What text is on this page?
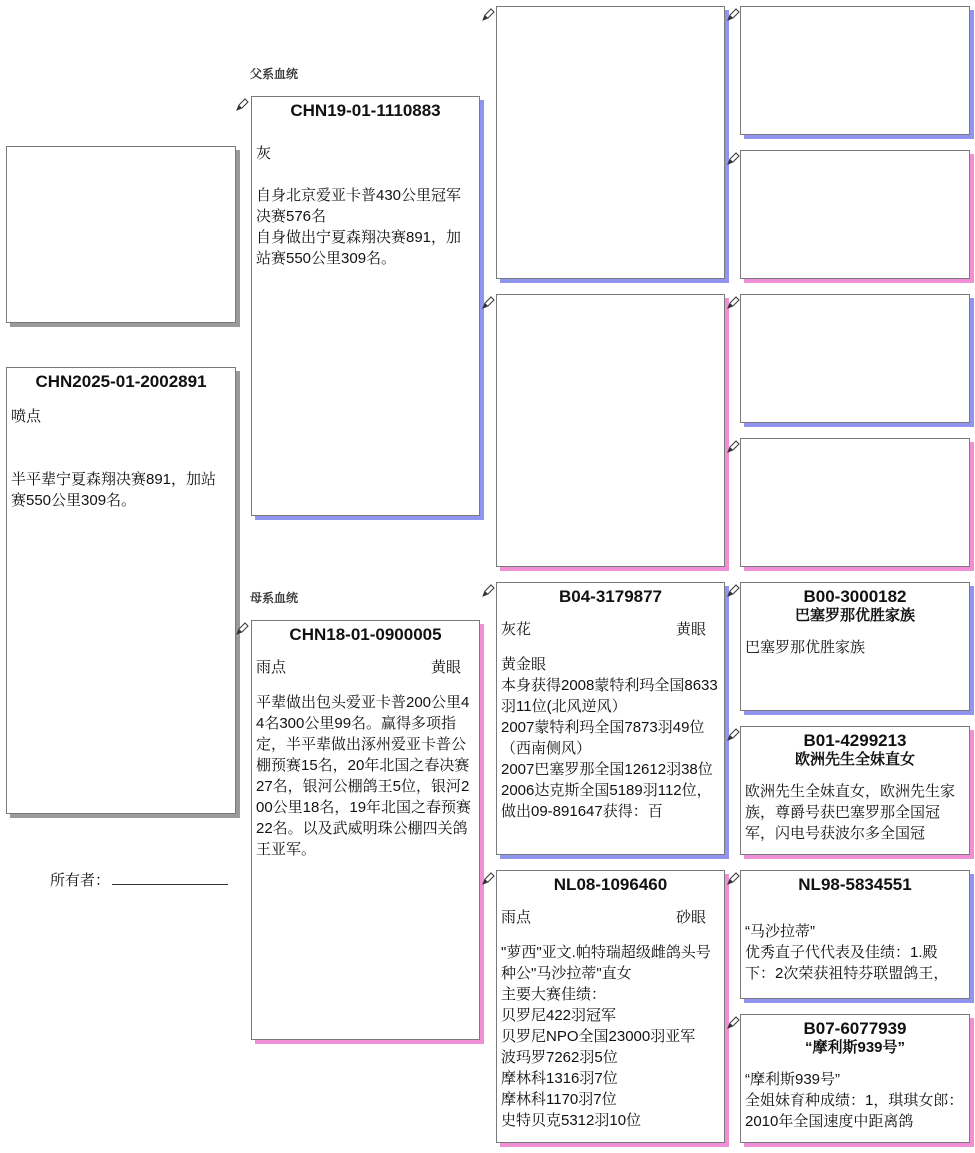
CHN2025-01-2002891
喷点
半平辈宁夏森翔决赛891，加站赛550公里309名。
所有者：
父系血统
母系血统
CHN19-01-1110883
灰
自身北京爱亚卡普430公里冠军决赛576名
自身做出宁夏森翔决赛891，加站赛550公里309名。
CHN18-01-0900005
雨点	黄眼
平辈做出包头爱亚卡普200公里44名300公里99名。赢得多项指定，半平辈做出涿州爱亚卡普公棚预赛15名，20年北国之春决赛27名，银河公棚鸽王5位，银河200公里18名，19年北国之春预赛22名。以及武威明珠公棚四关鸽王亚军。
B04-3179877
灰花	黄眼
黄金眼
本身获得2008蒙特利玛全国8633羽11位(北风逆风）
2007蒙特利玛全国7873羽49位（西南侧风）
2007巴塞罗那全国12612羽38位
2006达克斯全国5189羽112位，做出09-891647获得：百
NL08-1096460
雨点	砂眼
"萝西"亚文.帕特瑞超级雌鸽头号种公"马沙拉蒂"直女
主要大赛佳绩：
贝罗尼422羽冠军
贝罗尼NPO全国23000羽亚军
波玛罗7262羽5位
摩林科1316羽7位
摩林科1170羽7位
史特贝克5312羽10位
B00-3000182
巴塞罗那优胜家族
巴塞罗那优胜家族
B01-4299213
欧洲先生全妹直女
欧洲先生全妹直女，欧洲先生家族，尊爵号获巴塞罗那全国冠军，闪电号获波尔多全国冠
NL98-5834551
“马沙拉蒂”
优秀直子代代表及佳绩：1.殿下：2次荣获祖特芬联盟鸽王，
B07-6077939
“摩利斯939号”
“摩利斯939号”
全姐妹育种成绩：1，琪琪女郎：2010年全国速度中距离鸽
